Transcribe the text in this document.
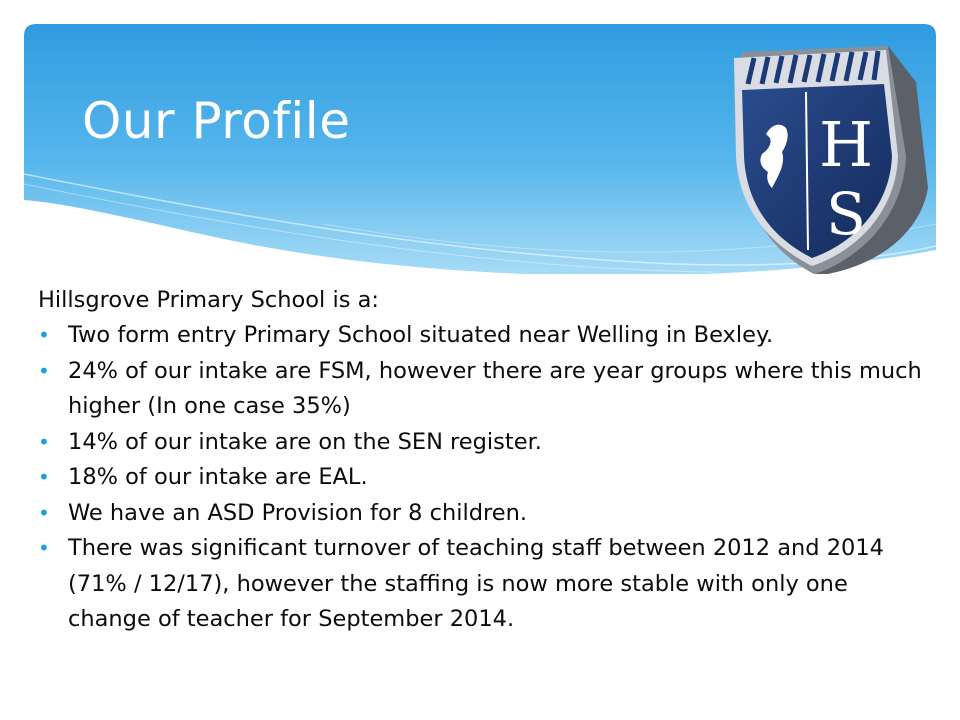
Our Profile	H
S
Hillsgrove Primary School is a:
• Two form entry Primary School situated near Welling in Bexley.
• 24% of our intake are FSM, however there are year groups where this much higher (In one case 35%)
• 14% of our intake are on the SEN register.
• 18% of our intake are EAL.
• We have an ASD Provision for 8 children.
• There was significant turnover of teaching staff between 2012 and 2014 (71% / 12/17), however the staffing is now more stable with only one change of teacher for September 2014.
